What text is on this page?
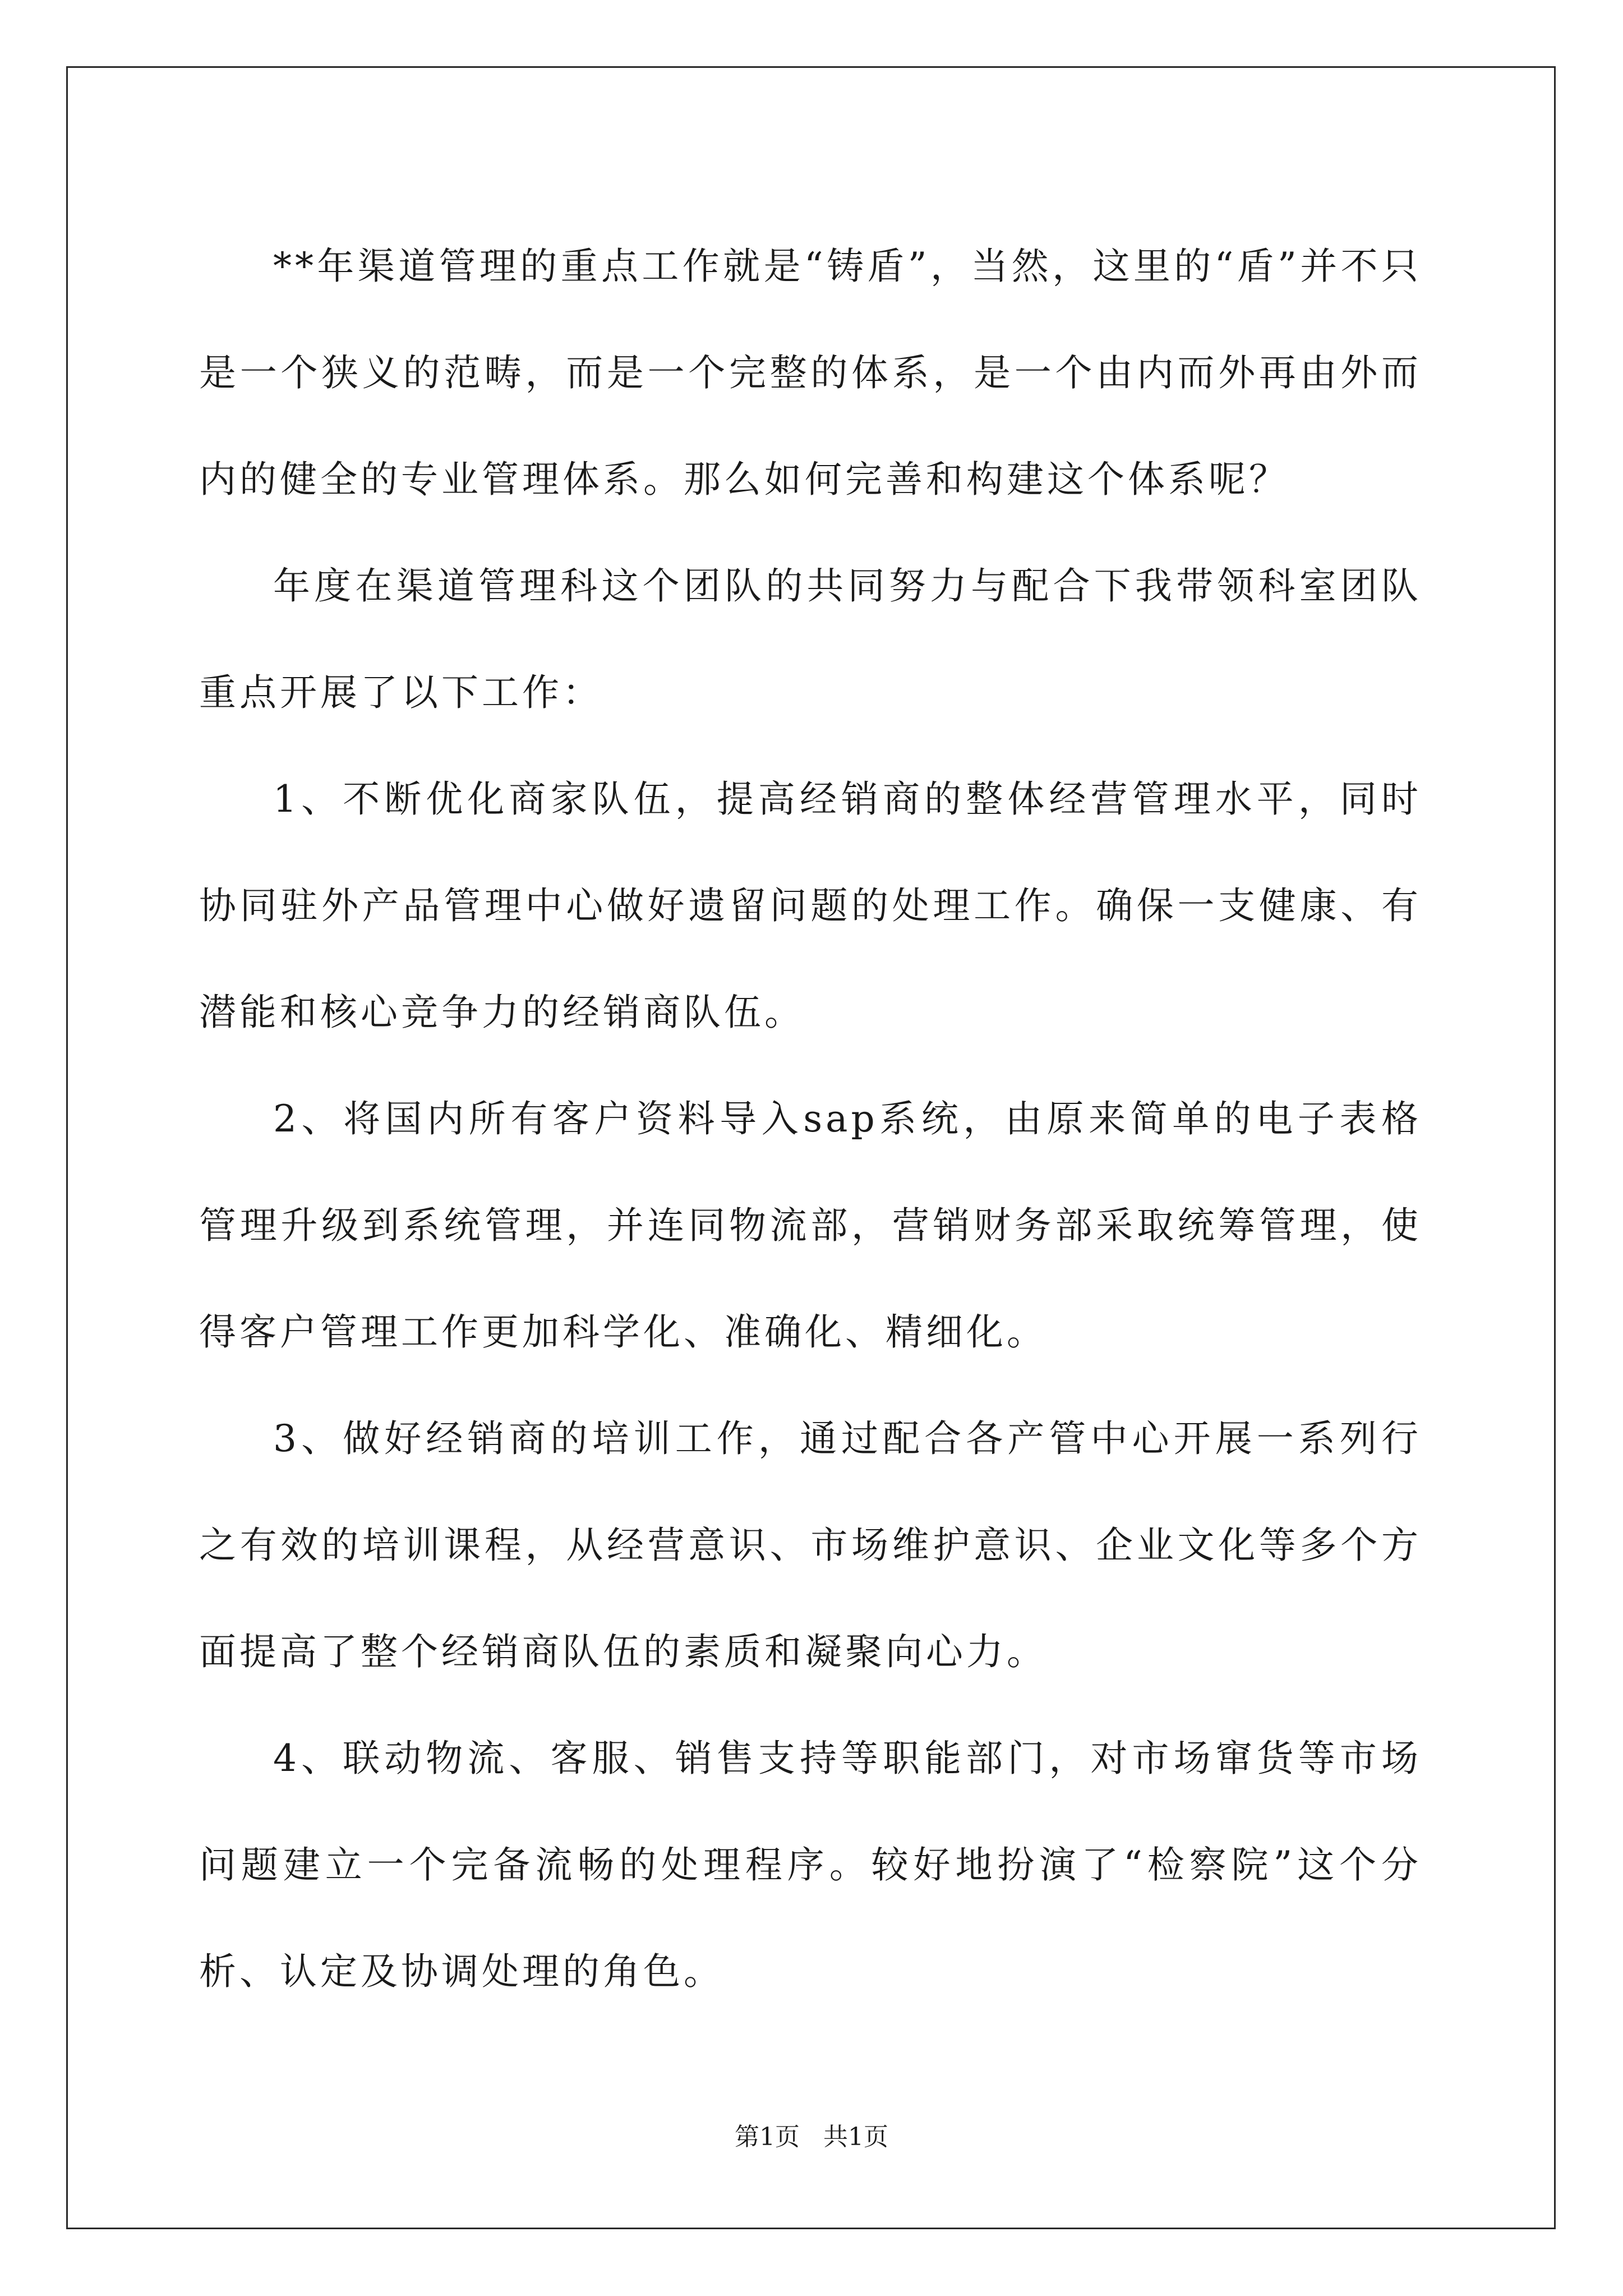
**年渠道管理的重点工作就是“铸盾”，当然，这里的“盾”并不只是一个狭义的范畴，而是一个完整的体系，是一个由内而外再由外而内的健全的专业管理体系。那么如何完善和构建这个体系呢？

年度在渠道管理科这个团队的共同努力与配合下我带领科室团队重点开展了以下工作：

1、不断优化商家队伍，提高经销商的整体经营管理水平，同时协同驻外产品管理中心做好遗留问题的处理工作。确保一支健康、有潜能和核心竞争力的经销商队伍。

2、将国内所有客户资料导入sap系统，由原来简单的电子表格管理升级到系统管理，并连同物流部，营销财务部采取统筹管理，使得客户管理工作更加科学化、准确化、精细化。

3、做好经销商的培训工作，通过配合各产管中心开展一系列行之有效的培训课程，从经营意识、市场维护意识、企业文化等多个方面提高了整个经销商队伍的素质和凝聚向心力。

4、联动物流、客服、销售支持等职能部门，对市场窜货等市场问题建立一个完备流畅的处理程序。较好地扮演了“检察院”这个分析、认定及协调处理的角色。

第1页   共1页
